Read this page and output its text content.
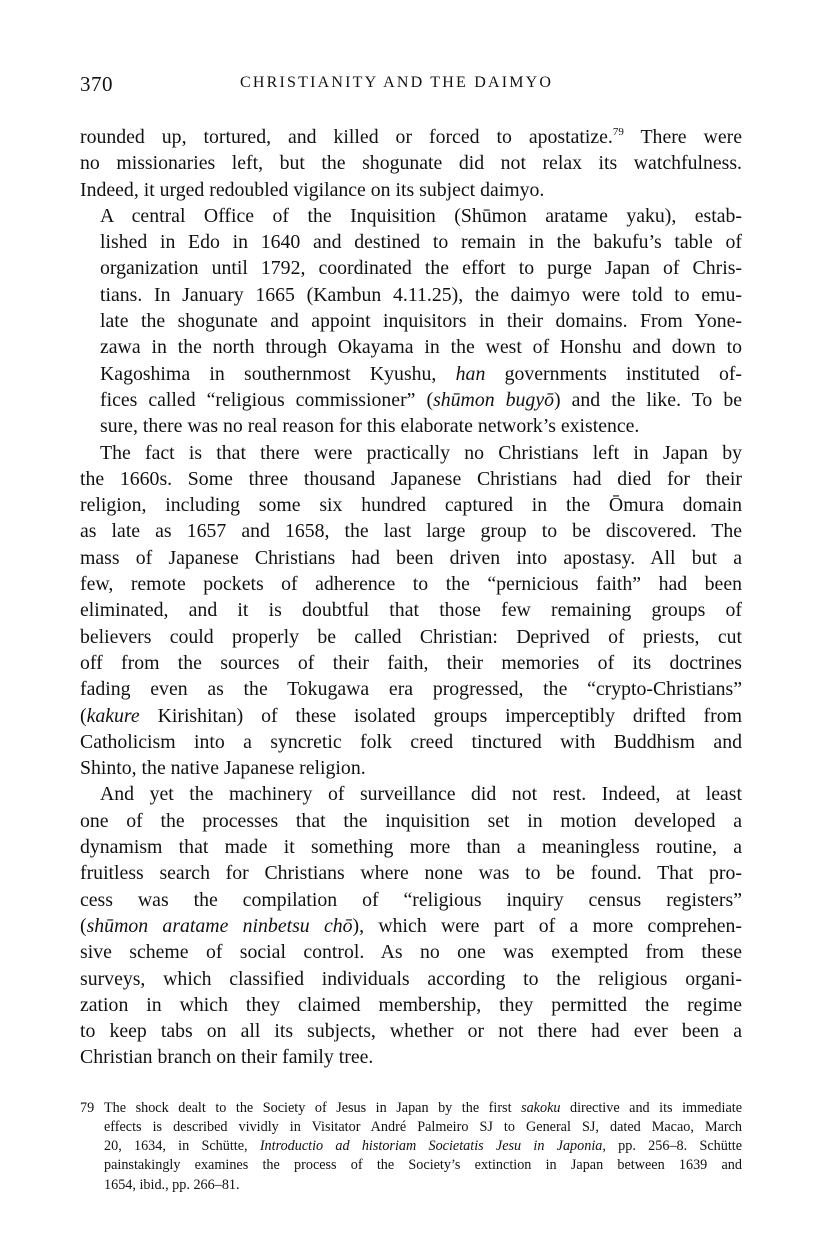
370	CHRISTIANITY AND THE DAIMYO

rounded up, tortured, and killed or forced to apostatize.$^{79}$ There were
no missionaries left, but the shogunate did not relax its watchfulness.
Indeed, it urged redoubled vigilance on its subject daimyo.

A central Office of the Inquisition (Shūmon aratame yaku), estab-
lished in Edo in 1640 and destined to remain in the bakufu’s table of
organization until 1792, coordinated the effort to purge Japan of Chris-
tians. In January 1665 (Kambun 4.11.25), the daimyo were told to emu-
late the shogunate and appoint inquisitors in their domains. From Yone-
zawa in the north through Okayama in the west of Honshu and down to
Kagoshima in southernmost Kyushu, han governments instituted of-
fices called “religious commissioner” (shūmon bugyō) and the like. To be
sure, there was no real reason for this elaborate network’s existence.

The fact is that there were practically no Christians left in Japan by
the 1660s. Some three thousand Japanese Christians had died for their
religion, including some six hundred captured in the Ōmura domain
as late as 1657 and 1658, the last large group to be discovered. The
mass of Japanese Christians had been driven into apostasy. All but a
few, remote pockets of adherence to the “pernicious faith” had been
eliminated, and it is doubtful that those few remaining groups of
believers could properly be called Christian: Deprived of priests, cut
off from the sources of their faith, their memories of its doctrines
fading even as the Tokugawa era progressed, the “crypto-Christians”
(kakure Kirishitan) of these isolated groups imperceptibly drifted from
Catholicism into a syncretic folk creed tinctured with Buddhism and
Shinto, the native Japanese religion.

And yet the machinery of surveillance did not rest. Indeed, at least
one of the processes that the inquisition set in motion developed a
dynamism that made it something more than a meaningless routine, a
fruitless search for Christians where none was to be found. That pro-
cess was the compilation of “religious inquiry census registers”
(shūmon aratame ninbetsu chō), which were part of a more comprehen-
sive scheme of social control. As no one was exempted from these
surveys, which classified individuals according to the religious organi-
zation in which they claimed membership, they permitted the regime
to keep tabs on all its subjects, whether or not there had ever been a
Christian branch on their family tree.

79 The shock dealt to the Society of Jesus in Japan by the first sakoku directive and its immediate
effects is described vividly in Visitator André Palmeiro SJ to General SJ, dated Macao, March
20, 1634, in Schütte, Introductio ad historiam Societatis Jesu in Japonia, pp. 256–8. Schütte
painstakingly examines the process of the Society’s extinction in Japan between 1639 and
1654, ibid., pp. 266–81.
